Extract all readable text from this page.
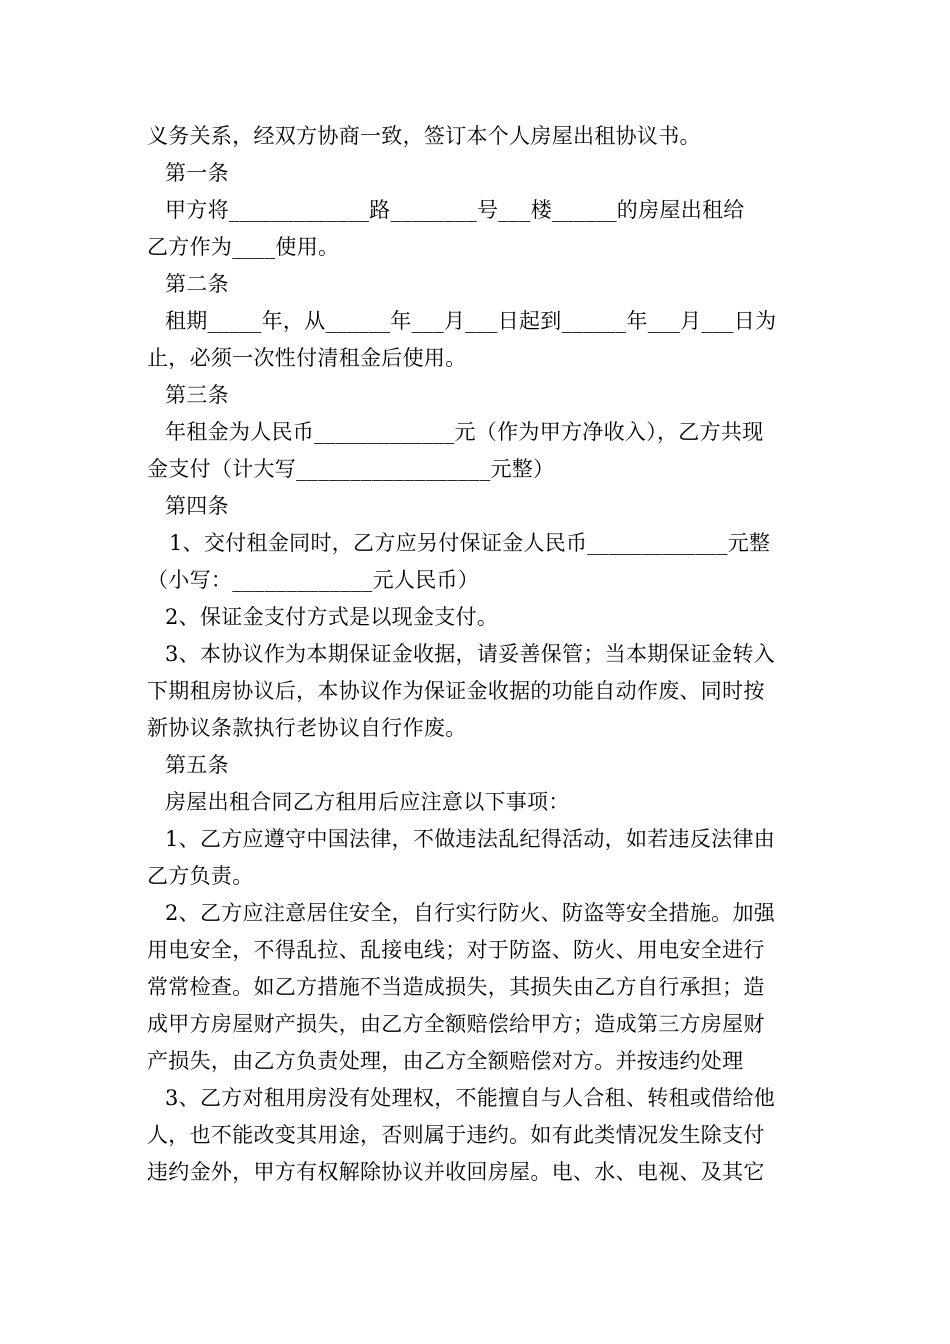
义务关系，经双方协商一致，签订本个人房屋出租协议书。
第一条
甲方将_____________路________号___楼______的房屋出租给
乙方作为____使用。
第二条
租期_____年，从______年___月___日起到______年___月___日为
止，必须一次性付清租金后使用。
第三条
年租金为人民币_____________元（作为甲方净收入），乙方共现
金支付（计大写__________________元整）
第四条
1、交付租金同时，乙方应另付保证金人民币_____________元整
（小写：_____________元人民币）
2、保证金支付方式是以现金支付。
3、本协议作为本期保证金收据，请妥善保管；当本期保证金转入
下期租房协议后，本协议作为保证金收据的功能自动作废、同时按
新协议条款执行老协议自行作废。
第五条
房屋出租合同乙方租用后应注意以下事项：
1、乙方应遵守中国法律，不做违法乱纪得活动，如若违反法律由
乙方负责。
2、乙方应注意居住安全，自行实行防火、防盗等安全措施。加强
用电安全，不得乱拉、乱接电线；对于防盗、防火、用电安全进行
常常检查。如乙方措施不当造成损失，其损失由乙方自行承担；造
成甲方房屋财产损失，由乙方全额赔偿给甲方；造成第三方房屋财
产损失，由乙方负责处理，由乙方全额赔偿对方。并按违约处理
3、乙方对租用房没有处理权，不能擅自与人合租、转租或借给他
人，也不能改变其用途，否则属于违约。如有此类情况发生除支付
违约金外，甲方有权解除协议并收回房屋。电、水、电视、及其它
